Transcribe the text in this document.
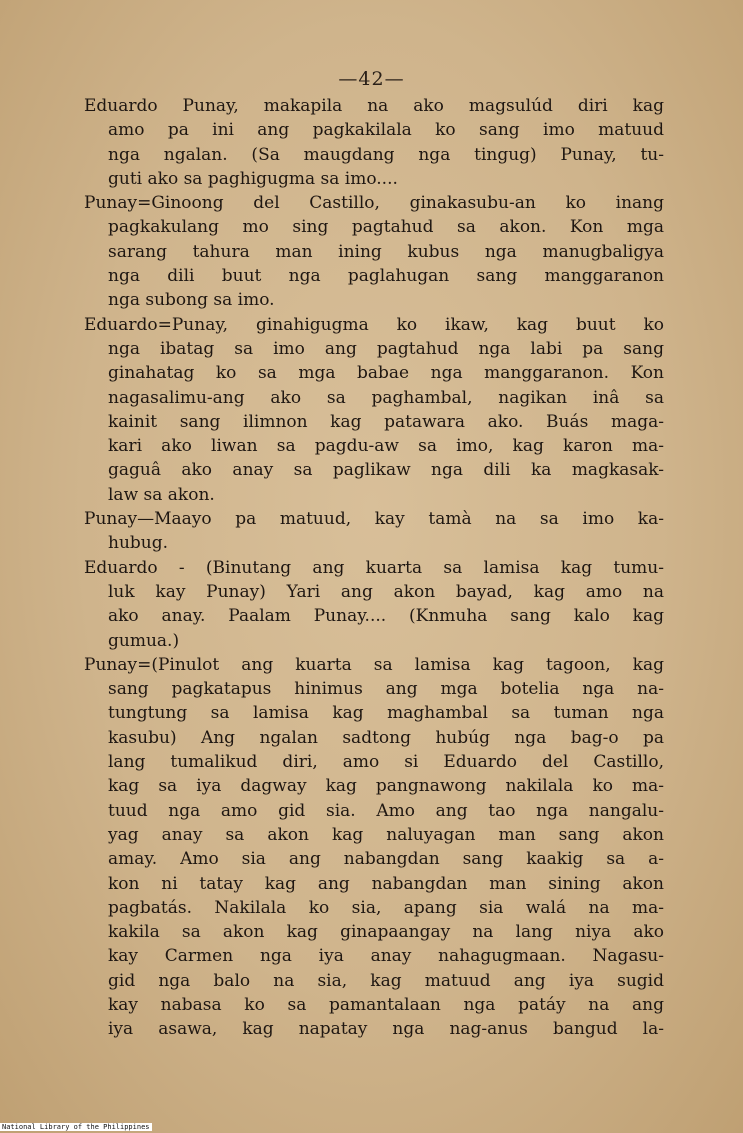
—42—
Eduardo Punay, makapila na ako magsulúd diri kag
amo pa ini ang pagkakilala ko sang imo matuud
nga ngalan. (Sa maugdang nga tingug) Punay, tu-
guti ako sa paghigugma sa imo....
Punay=Ginoong del Castillo, ginakasubu-an ko inang
pagkakulang mo sing pagtahud sa akon. Kon mga
sarang tahura man ining kubus nga manugbaligya
nga dili buut nga paglahugan sang manggaranon
nga subong sa imo.
Eduardo=Punay, ginahigugma ko ikaw, kag buut ko
nga ibatag sa imo ang pagtahud nga labi pa sang
ginahatag ko sa mga babae nga manggaranon. Kon
nagasalimu-ang ako sa paghambal, nagikan inâ sa
kainit sang ilimnon kag patawara ako. Buás maga-
kari ako liwan sa pagdu-aw sa imo, kag karon ma-
gaguâ ako anay sa paglikaw nga dili ka magkasak-
law sa akon.
Punay—Maayo pa matuud, kay tamà na sa imo ka-
hubug.
Eduardo - (Binutang ang kuarta sa lamisa kag tumu-
luk kay Punay) Yari ang akon bayad, kag amo na
ako anay. Paalam Punay.... (Knmuha sang kalo kag
gumua.)
Punay=(Pinulot ang kuarta sa lamisa kag tagoon, kag
sang pagkatapus hinimus ang mga botelia nga na-
tungtung sa lamisa kag maghambal sa tuman nga
kasubu) Ang ngalan sadtong hubúg nga bag-o pa
lang tumalikud diri, amo si Eduardo del Castillo,
kag sa iya dagway kag pangnawong nakilala ko ma-
tuud nga amo gid sia. Amo ang tao nga nangalu-
yag anay sa akon kag naluyagan man sang akon
amay. Amo sia ang nabangdan sang kaakig sa a-
kon ni tatay kag ang nabangdan man sining akon
pagbatás. Nakilala ko sia, apang sia walá na ma-
kakila sa akon kag ginapaangay na lang niya ako
kay Carmen nga iya anay nahagugmaan. Nagasu-
gid nga balo na sia, kag matuud ang iya sugid
kay nabasa ko sa pamantalaan nga patáy na ang
iya asawa, kag napatay nga nag-anus bangud la-
National Library of the Philippines
